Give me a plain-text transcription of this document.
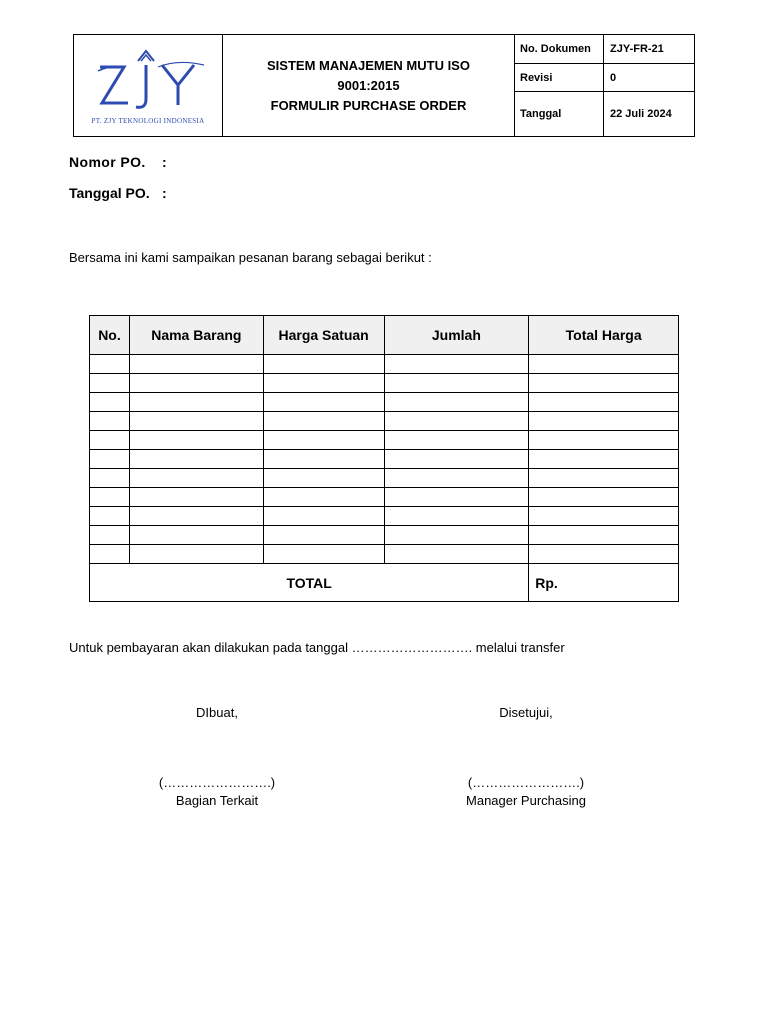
PT. ZJY TEKNOLOGI INDONESIA
SISTEM MANAJEMEN MUTU ISO
9001:2015
FORMULIR PURCHASE ORDER
No. Dokumen	ZJY-FR-21
Revisi	0
Tanggal	22 Juli 2024
Nomor PO. :
Tanggal PO. :
Bersama ini kami sampaikan pesanan barang sebagai berikut :
No.	Nama Barang	Harga Satuan	Jumlah	Total Harga

TOTAL				Rp.
Untuk pembayaran akan dilakukan pada tanggal ………………………. melalui transfer
DIbuat,
(…………………….)
Bagian Terkait
Disetujui,
(…………………….)
Manager Purchasing
